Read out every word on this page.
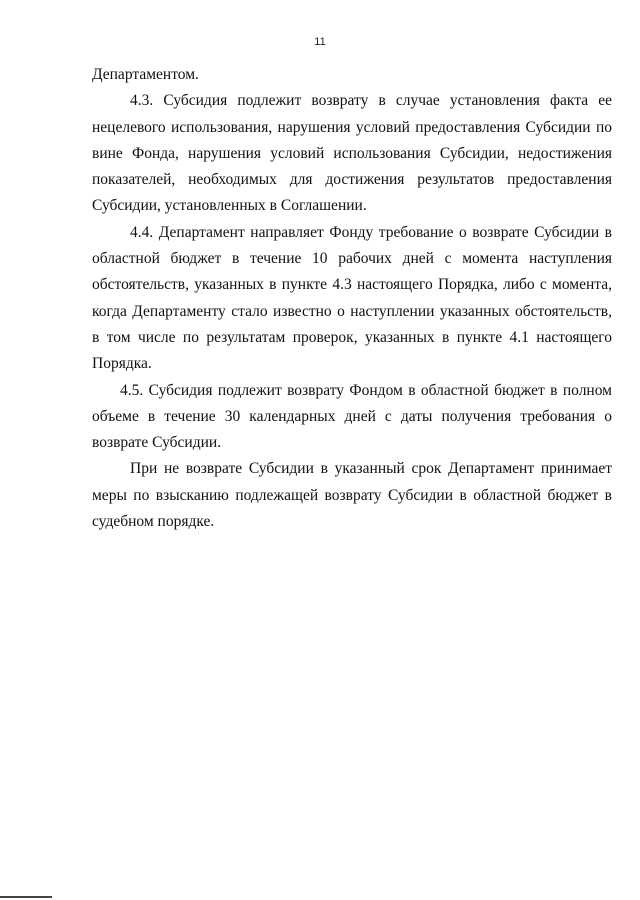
11

Департаментом.

4.3. Субсидия подлежит возврату в случае установления факта ее нецелевого использования, нарушения условий предоставления Субсидии по вине Фонда, нарушения условий использования Субсидии, недостижения показателей, необходимых для достижения результатов предоставления Субсидии, установленных в Соглашении.

4.4. Департамент направляет Фонду требование о возврате Субсидии в областной бюджет в течение 10 рабочих дней с момента наступления обстоятельств, указанных в пункте 4.3 настоящего Порядка, либо с момента, когда Департаменту стало известно о наступлении указанных обстоятельств, в том числе по результатам проверок, указанных в пункте 4.1 настоящего Порядка.

4.5. Субсидия подлежит возврату Фондом в областной бюджет в полном объеме в течение 30 календарных дней с даты получения требования о возврате Субсидии.

При не возврате Субсидии в указанный срок Департамент принимает меры по взысканию подлежащей возврату Субсидии в областной бюджет в судебном порядке.
